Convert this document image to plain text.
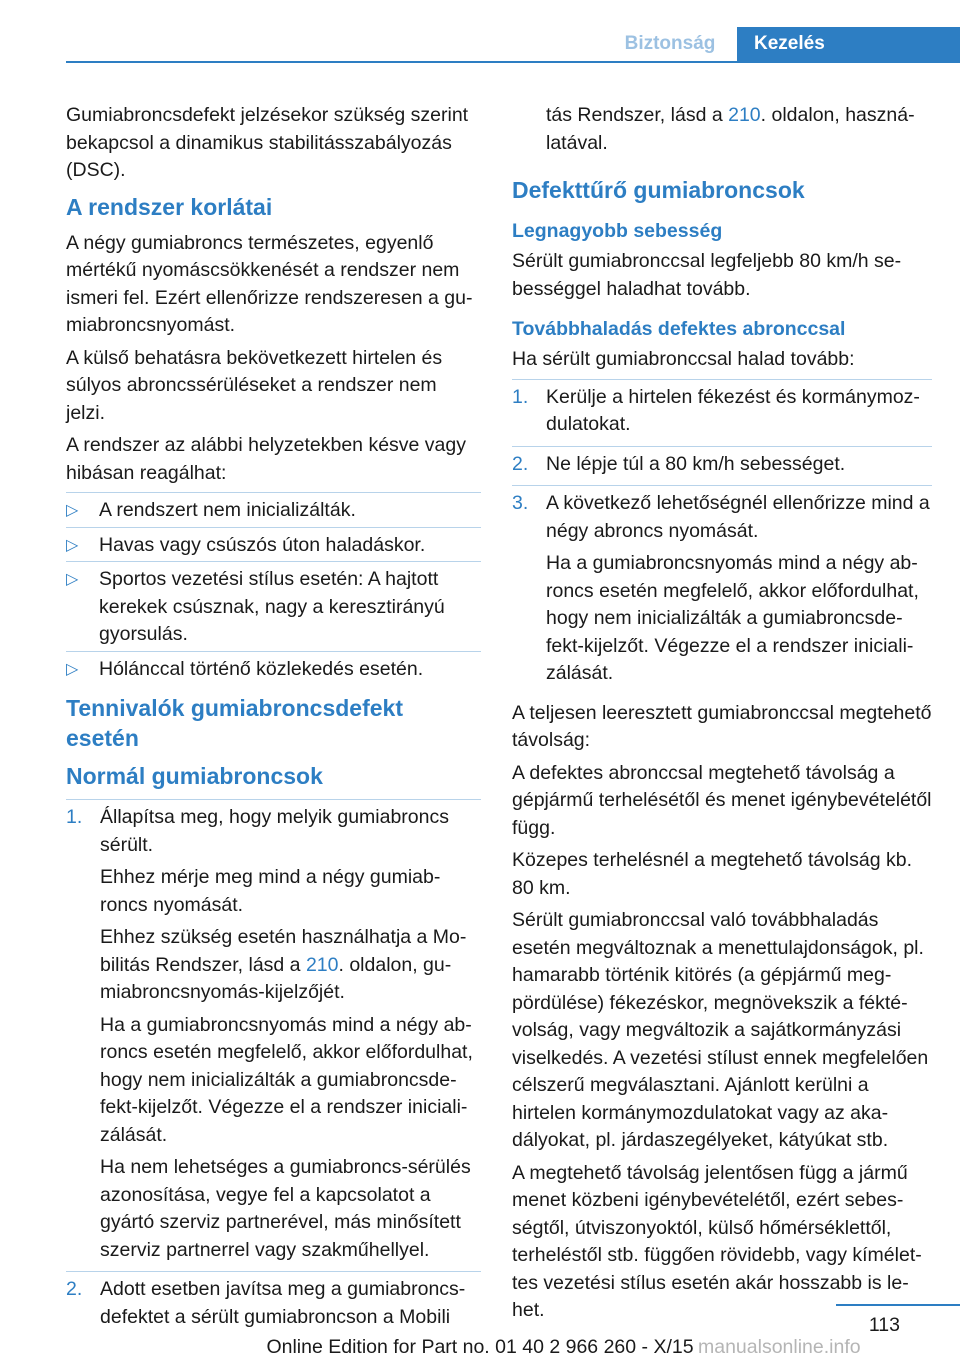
Biztonság	Kezelés

Gumiabroncsdefekt jelzésekor szükség szerint bekapcsol a dinamikus stabilitásszabályozás (DSC).

A rendszer korlátai

A négy gumiabroncs természetes, egyenlő mértékű nyomáscsökkenését a rendszer nem ismeri fel. Ezért ellenőrizze rendszeresen a gumiabroncsnyomást.

A külső behatásra bekövetkezett hirtelen és súlyos abroncssérüléseket a rendszer nem jelzi.

A rendszer az alábbi helyzetekben késve vagy hibásan reagálhat:

▷ A rendszert nem inicializálták.
▷ Havas vagy csúszós úton haladáskor.
▷ Sportos vezetési stílus esetén: A hajtott kerekek csúsznak, nagy a keresztirányú gyorsulás.
▷ Hólánccal történő közlekedés esetén.
Tennivalók gumiabroncsdefekt esetén
Normál gumiabroncsok
1. Állapítsa meg, hogy melyik gumiabroncs sérült.

Ehhez mérje meg mind a négy gumiabroncs nyomását.

Ehhez szükség esetén használhatja a Mobilitás Rendszer, lásd a 210. oldalon, gumiabroncsnyomás-kijelzőjét.

Ha a gumiabroncsnyomás mind a négy abroncs esetén megfelelő, akkor előfordulhat, hogy nem inicializálták a gumiabroncsdefekt-kijelzőt. Végezze el a rendszer inicializálását.

Ha nem lehetséges a gumiabroncs-sérülés azonosítása, vegye fel a kapcsolatot a gyártó szerviz partnerével, más minősített szerviz partnerrel vagy szakműhellyel.

2. Adott esetben javítsa meg a gumiabroncsdefektet a sérült gumiabroncson a Mobili

tás Rendszer, lásd a 210. oldalon, használatával.

Defekttűrő gumiabroncsok
Legnagyobb sebesség

Sérült gumiabronccsal legfeljebb 80 km/h sebességgel haladhat tovább.

Továbbhaladás defektes abronccsal

Ha sérült gumiabronccsal halad tovább:

1. Kerülje a hirtelen fékezést és kormánymozdulatokat.

2. Ne lépje túl a 80 km/h sebességet.

3. A következő lehetőségnél ellenőrizze mind a négy abroncs nyomását.

Ha a gumiabroncsnyomás mind a négy abroncs esetén megfelelő, akkor előfordulhat, hogy nem inicializálták a gumiabroncsdefekt-kijelzőt. Végezze el a rendszer inicializálását.

A teljesen leeresztett gumiabronccsal megtehető távolság:

A defektes abronccsal megtehető távolság a gépjármű terhelésétől és menet igénybevételétől függ.

Közepes terhelésnél a megtehető távolság kb. 80 km.

Sérült gumiabronccsal való továbbhaladás esetén megváltoznak a menettulajdonságok, pl. hamarabb történik kitörés (a gépjármű megpördülése) fékezéskor, megnövekszik a féktévolság, vagy megváltozik a sajátkormányzási viselkedés. A vezetési stílust ennek megfelelően célszerű megválasztani. Ajánlott kerülni a hirtelen kormánymozdulatokat vagy az akadályokat, pl. járdaszegélyeket, kátyúkat stb.

A megtehető távolság jelentősen függ a jármű menet közbeni igénybevételétől, ezért sebességtől, útviszonyoktól, külső hőmérséklettől, terheléstől stb. függően rövidebb, vagy kímélettes vezetési stílus esetén akár hosszabb is lehet.

113
Online Edition for Part no. 01 40 2 966 260 - X/15 manualsonline.info
